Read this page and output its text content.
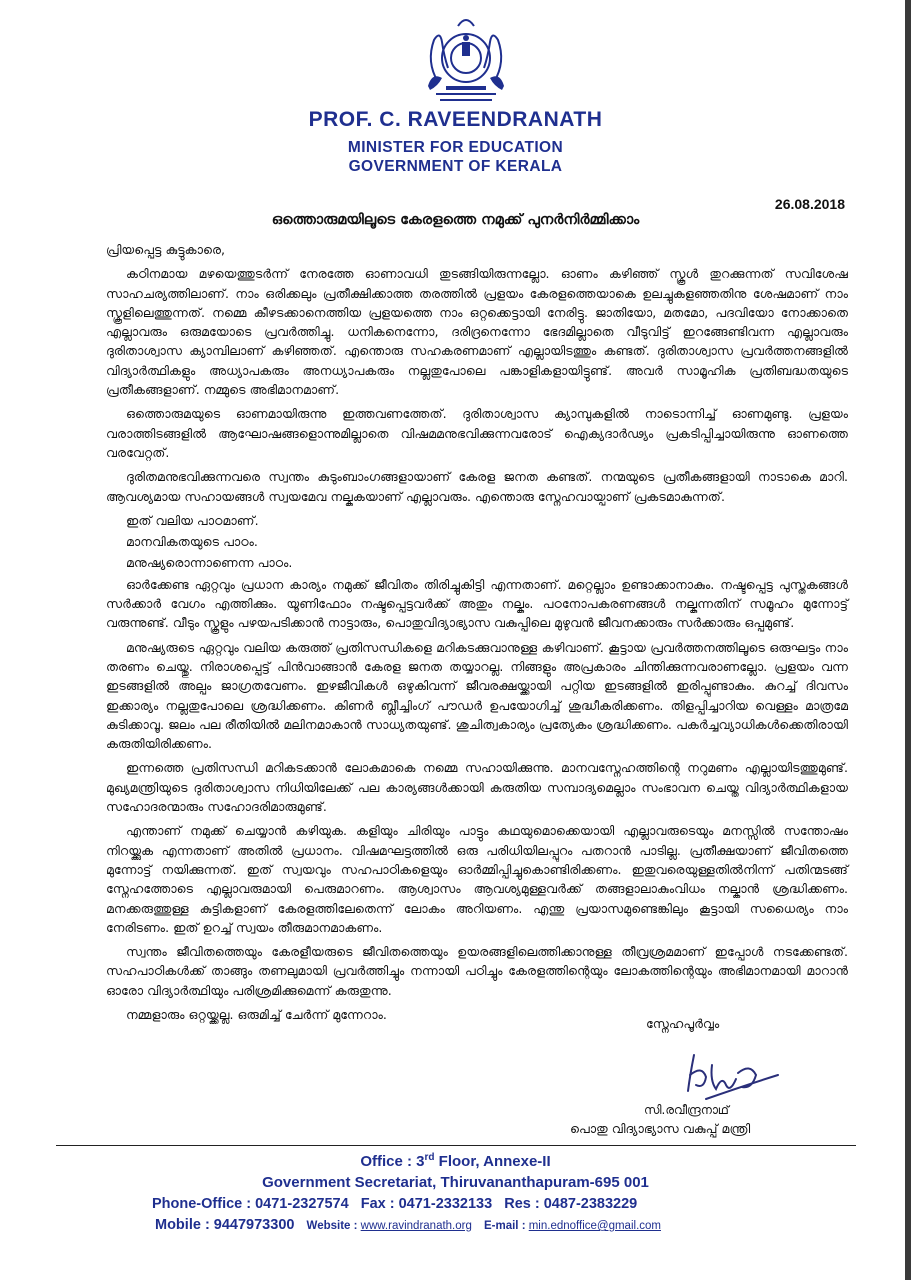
PROF. C. RAVEENDRANATH
MINISTER FOR EDUCATION
GOVERNMENT OF KERALA
26.08.2018
ഒത്തൊരുമയിലൂടെ കേരളത്തെ നമുക്ക് പുനർനിർമ്മിക്കാം

പ്രിയപ്പെട്ട കുട്ടുകാരെ,

കഠിനമായ മഴയെത്തുടർന്ന് നേരത്തേ ഓണാവധി തുടങ്ങിയിരുന്നല്ലോ. ഓണം കഴിഞ്ഞ് സ്കൂൾ തുറക്കുന്നത് സവിശേഷ സാഹചര്യത്തിലാണ്. നാം ഒരിക്കലും പ്രതീക്ഷിക്കാത്ത തരത്തിൽ പ്രളയം കേരളത്തെയാകെ ഉലച്ചുകളഞ്ഞതിനു ശേഷമാണ് നാം സ്കൂളിലെത്തുന്നത്. നമ്മെ കീഴടക്കാനെത്തിയ പ്രളയത്തെ നാം ഒറ്റക്കെട്ടായി നേരിട്ടു. ജാതിയോ, മതമോ, പദവിയോ നോക്കാതെ എല്ലാവരും ഒരുമയോടെ പ്രവർത്തിച്ചു. ധനികനെന്നോ, ദരിദ്രനെന്നോ ഭേദമില്ലാതെ വീടുവിട്ട് ഇറങ്ങേണ്ടിവന്ന എല്ലാവരും ദുരിതാശ്വാസ ക്യാമ്പിലാണ് കഴിഞ്ഞത്. എന്തൊരു സഹകരണമാണ് എല്ലായിടത്തും കണ്ടത്. ദുരിതാശ്വാസ പ്രവർത്തനങ്ങളിൽ വിദ്യാർത്ഥികളും അധ്യാപകരും അനധ്യാപകരും നല്ലതുപോലെ പങ്കാളികളായിട്ടുണ്ട്. അവർ സാമൂഹിക പ്രതിബദ്ധതയുടെ പ്രതീകങ്ങളാണ്. നമ്മുടെ അഭിമാനമാണ്.

ഒത്തൊരുമയുടെ ഓണമായിരുന്നു ഇത്തവണത്തേത്. ദുരിതാശ്വാസ ക്യാമ്പുകളിൽ നാടൊന്നിച്ച് ഓണമുണ്ടു. പ്രളയം വരാത്തിടങ്ങളിൽ ആഘോഷങ്ങളൊന്നുമില്ലാതെ വിഷമമനുഭവിക്കുന്നവരോട് ഐക്യദാർഢ്യം പ്രകടിപ്പിച്ചായിരുന്നു ഓണത്തെ വരവേറ്റത്.

ദുരിതമനുഭവിക്കുന്നവരെ സ്വന്തം കുടുംബാംഗങ്ങളായാണ് കേരള ജനത കണ്ടത്. നന്മയുടെ പ്രതീകങ്ങളായി നാടാകെ മാറി. ആവശ്യമായ സഹായങ്ങൾ സ്വയമേവ നല്കുകയാണ് എല്ലാവരും. എന്തൊരു സ്നേഹവായ്പാണ് പ്രകടമാകുന്നത്.

ഇത് വലിയ പാഠമാണ്.

മാനവികതയുടെ പാഠം.

മനുഷ്യരൊന്നാണെന്ന പാഠം.

ഓർക്കേണ്ട ഏറ്റവും പ്രധാന കാര്യം നമുക്ക് ജീവിതം തിരിച്ചുകിട്ടി എന്നതാണ്. മറ്റെല്ലാം ഉണ്ടാക്കാനാകും. നഷ്ടപ്പെട്ട പുസ്തകങ്ങൾ സർക്കാർ വേഗം എത്തിക്കും. യൂണിഫോം നഷ്ടപ്പെട്ടവർക്ക് അതും നല്കും. പഠനോപകരണങ്ങൾ നല്കുന്നതിന് സമൂഹം മുന്നോട്ട് വരുന്നുണ്ട്. വീടും സ്കൂളും പഴയപടിക്കാൻ നാട്ടാരും, പൊതുവിദ്യാഭ്യാസ വകുപ്പിലെ മുഴുവൻ ജീവനക്കാരും സർക്കാരും ഒപ്പമുണ്ട്.

മനുഷ്യരുടെ ഏറ്റവും വലിയ കരുത്ത് പ്രതിസന്ധികളെ മറികടക്കുവാനുള്ള കഴിവാണ്. കൂട്ടായ പ്രവർത്തനത്തിലൂടെ ഒരുഘട്ടം നാം തരണം ചെയ്തു. നിരാശപ്പെട്ട് പിൻവാങ്ങാൻ കേരള ജനത തയ്യാറല്ല. നിങ്ങളും അപ്രകാരം ചിന്തിക്കുന്നവരാണല്ലോ. പ്രളയം വന്ന ഇടങ്ങളിൽ അല്പം ജാഗ്രതവേണം. ഇഴജീവികൾ ഒഴുകിവന്ന് ജീവരക്ഷയ്ക്കായി പറ്റിയ ഇടങ്ങളിൽ ഇരിപ്പുണ്ടാകും. കുറച്ച് ദിവസം ഇക്കാര്യം നല്ലതുപോലെ ശ്രദ്ധിക്കണം. കിണർ ബ്ലീച്ചിംഗ് പൗഡർ ഉപയോഗിച്ച് ശുദ്ധീകരിക്കണം. തിളപ്പിച്ചാറിയ വെള്ളം മാത്രമേ കുടിക്കാവൂ. ജലം പല രീതിയിൽ മലിനമാകാൻ സാധ്യതയുണ്ട്. ശുചിത്വകാര്യം പ്രത്യേകം ശ്രദ്ധിക്കണം. പകർച്ചവ്യാധികൾക്കെതിരായി കരുതിയിരിക്കണം.

ഇന്നത്തെ പ്രതിസന്ധി മറികടക്കാൻ ലോകമാകെ നമ്മെ സഹായിക്കുന്നു. മാനവസ്നേഹത്തിന്റെ നറുമണം എല്ലായിടത്തുമുണ്ട്. മുഖ്യമന്ത്രിയുടെ ദുരിതാശ്വാസ നിധിയിലേക്ക് പല കാര്യങ്ങൾക്കായി കരുതിയ സമ്പാദ്യമെല്ലാം സംഭാവന ചെയ്ത വിദ്യാർത്ഥികളായ സഹോദരന്മാരും സഹോദരിമാരുമുണ്ട്.

എന്താണ് നമുക്ക് ചെയ്യാൻ കഴിയുക. കളിയും ചിരിയും പാട്ടും കഥയുമൊക്കെയായി എല്ലാവരുടെയും മനസ്സിൽ സന്തോഷം നിറയ്ക്കുക എന്നതാണ് അതിൽ പ്രധാനം. വിഷമഘട്ടത്തിൽ ഒരു പരിധിയിലപ്പുറം പതറാൻ പാടില്ല. പ്രതീക്ഷയാണ് ജീവിതത്തെ മുന്നോട്ട് നയിക്കുന്നത്. ഇത് സ്വയവും സഹപാഠികളെയും ഓർമ്മിപ്പിച്ചുകൊണ്ടിരിക്കണം. ഇതുവരെയുള്ളതിൽനിന്ന് പതിന്മടങ്ങ് സ്നേഹത്തോടെ എല്ലാവരുമായി പെരുമാറണം. ആശ്വാസം ആവശ്യമുള്ളവർക്ക് തങ്ങളാലാകുംവിധം നല്കാൻ ശ്രദ്ധിക്കണം. മനക്കരുത്തുള്ള കുട്ടികളാണ് കേരളത്തിലേതെന്ന് ലോകം അറിയണം. എന്തു പ്രയാസമുണ്ടെങ്കിലും കൂട്ടായി സധൈര്യം നാം നേരിടണം. ഇത് ഉറച്ച് സ്വയം തീരുമാനമാകണം.

സ്വന്തം ജീവിതത്തെയും കേരളീയരുടെ ജീവിതത്തെയും ഉയരങ്ങളിലെത്തിക്കാനുള്ള തീവ്രശ്രമമാണ് ഇപ്പോൾ നടക്കേണ്ടത്. സഹപാഠികൾക്ക് താങ്ങും തണലുമായി പ്രവർത്തിച്ചും നന്നായി പഠിച്ചും കേരളത്തിന്റെയും ലോകത്തിന്റെയും അഭിമാനമായി മാറാൻ ഓരോ വിദ്യാർത്ഥിയും പരിശ്രമിക്കുമെന്ന് കരുതുന്നു.

നമ്മളാരും ഒറ്റയ്ക്കല്ല. ഒരുമിച്ച് ചേർന്ന് മുന്നേറാം.

സ്നേഹപൂർവ്വം
സി.രവീന്ദ്രനാഥ്
പൊതു വിദ്യാഭ്യാസ വകുപ്പ് മന്ത്രി
Office : 3rd Floor, Annexe-II
Government Secretariat, Thiruvananthapuram-695 001
Phone-Office : 0471-2327574   Fax : 0471-2332133   Res : 0487-2383229
Mobile : 9447973300 Website : www.ravindranath.org E-mail : min.ednoffice@gmail.com
